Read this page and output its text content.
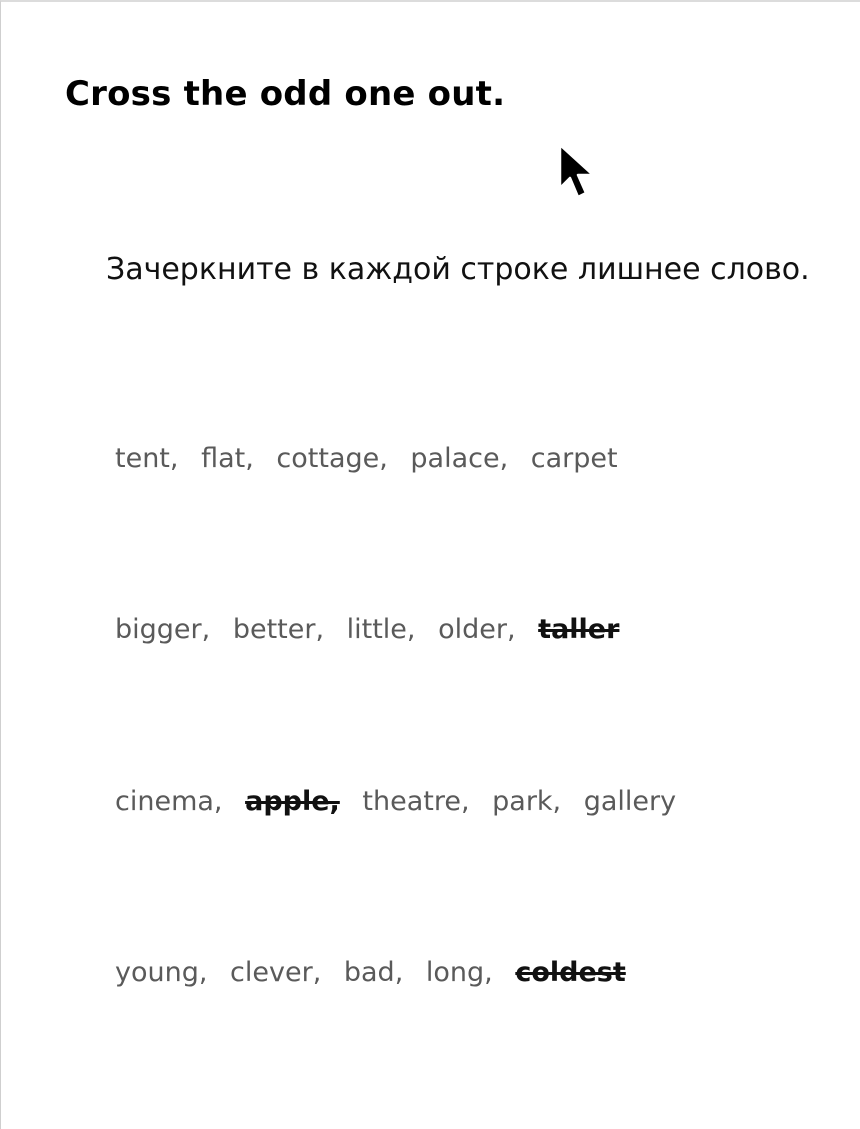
Cross the odd one out.
Зачеркните в каждой строке лишнее слово.
tent, flat, cottage, palace, carpet
bigger, better, little, older, taller
cinema, apple, theatre, park, gallery
young, clever, bad, long, coldest
